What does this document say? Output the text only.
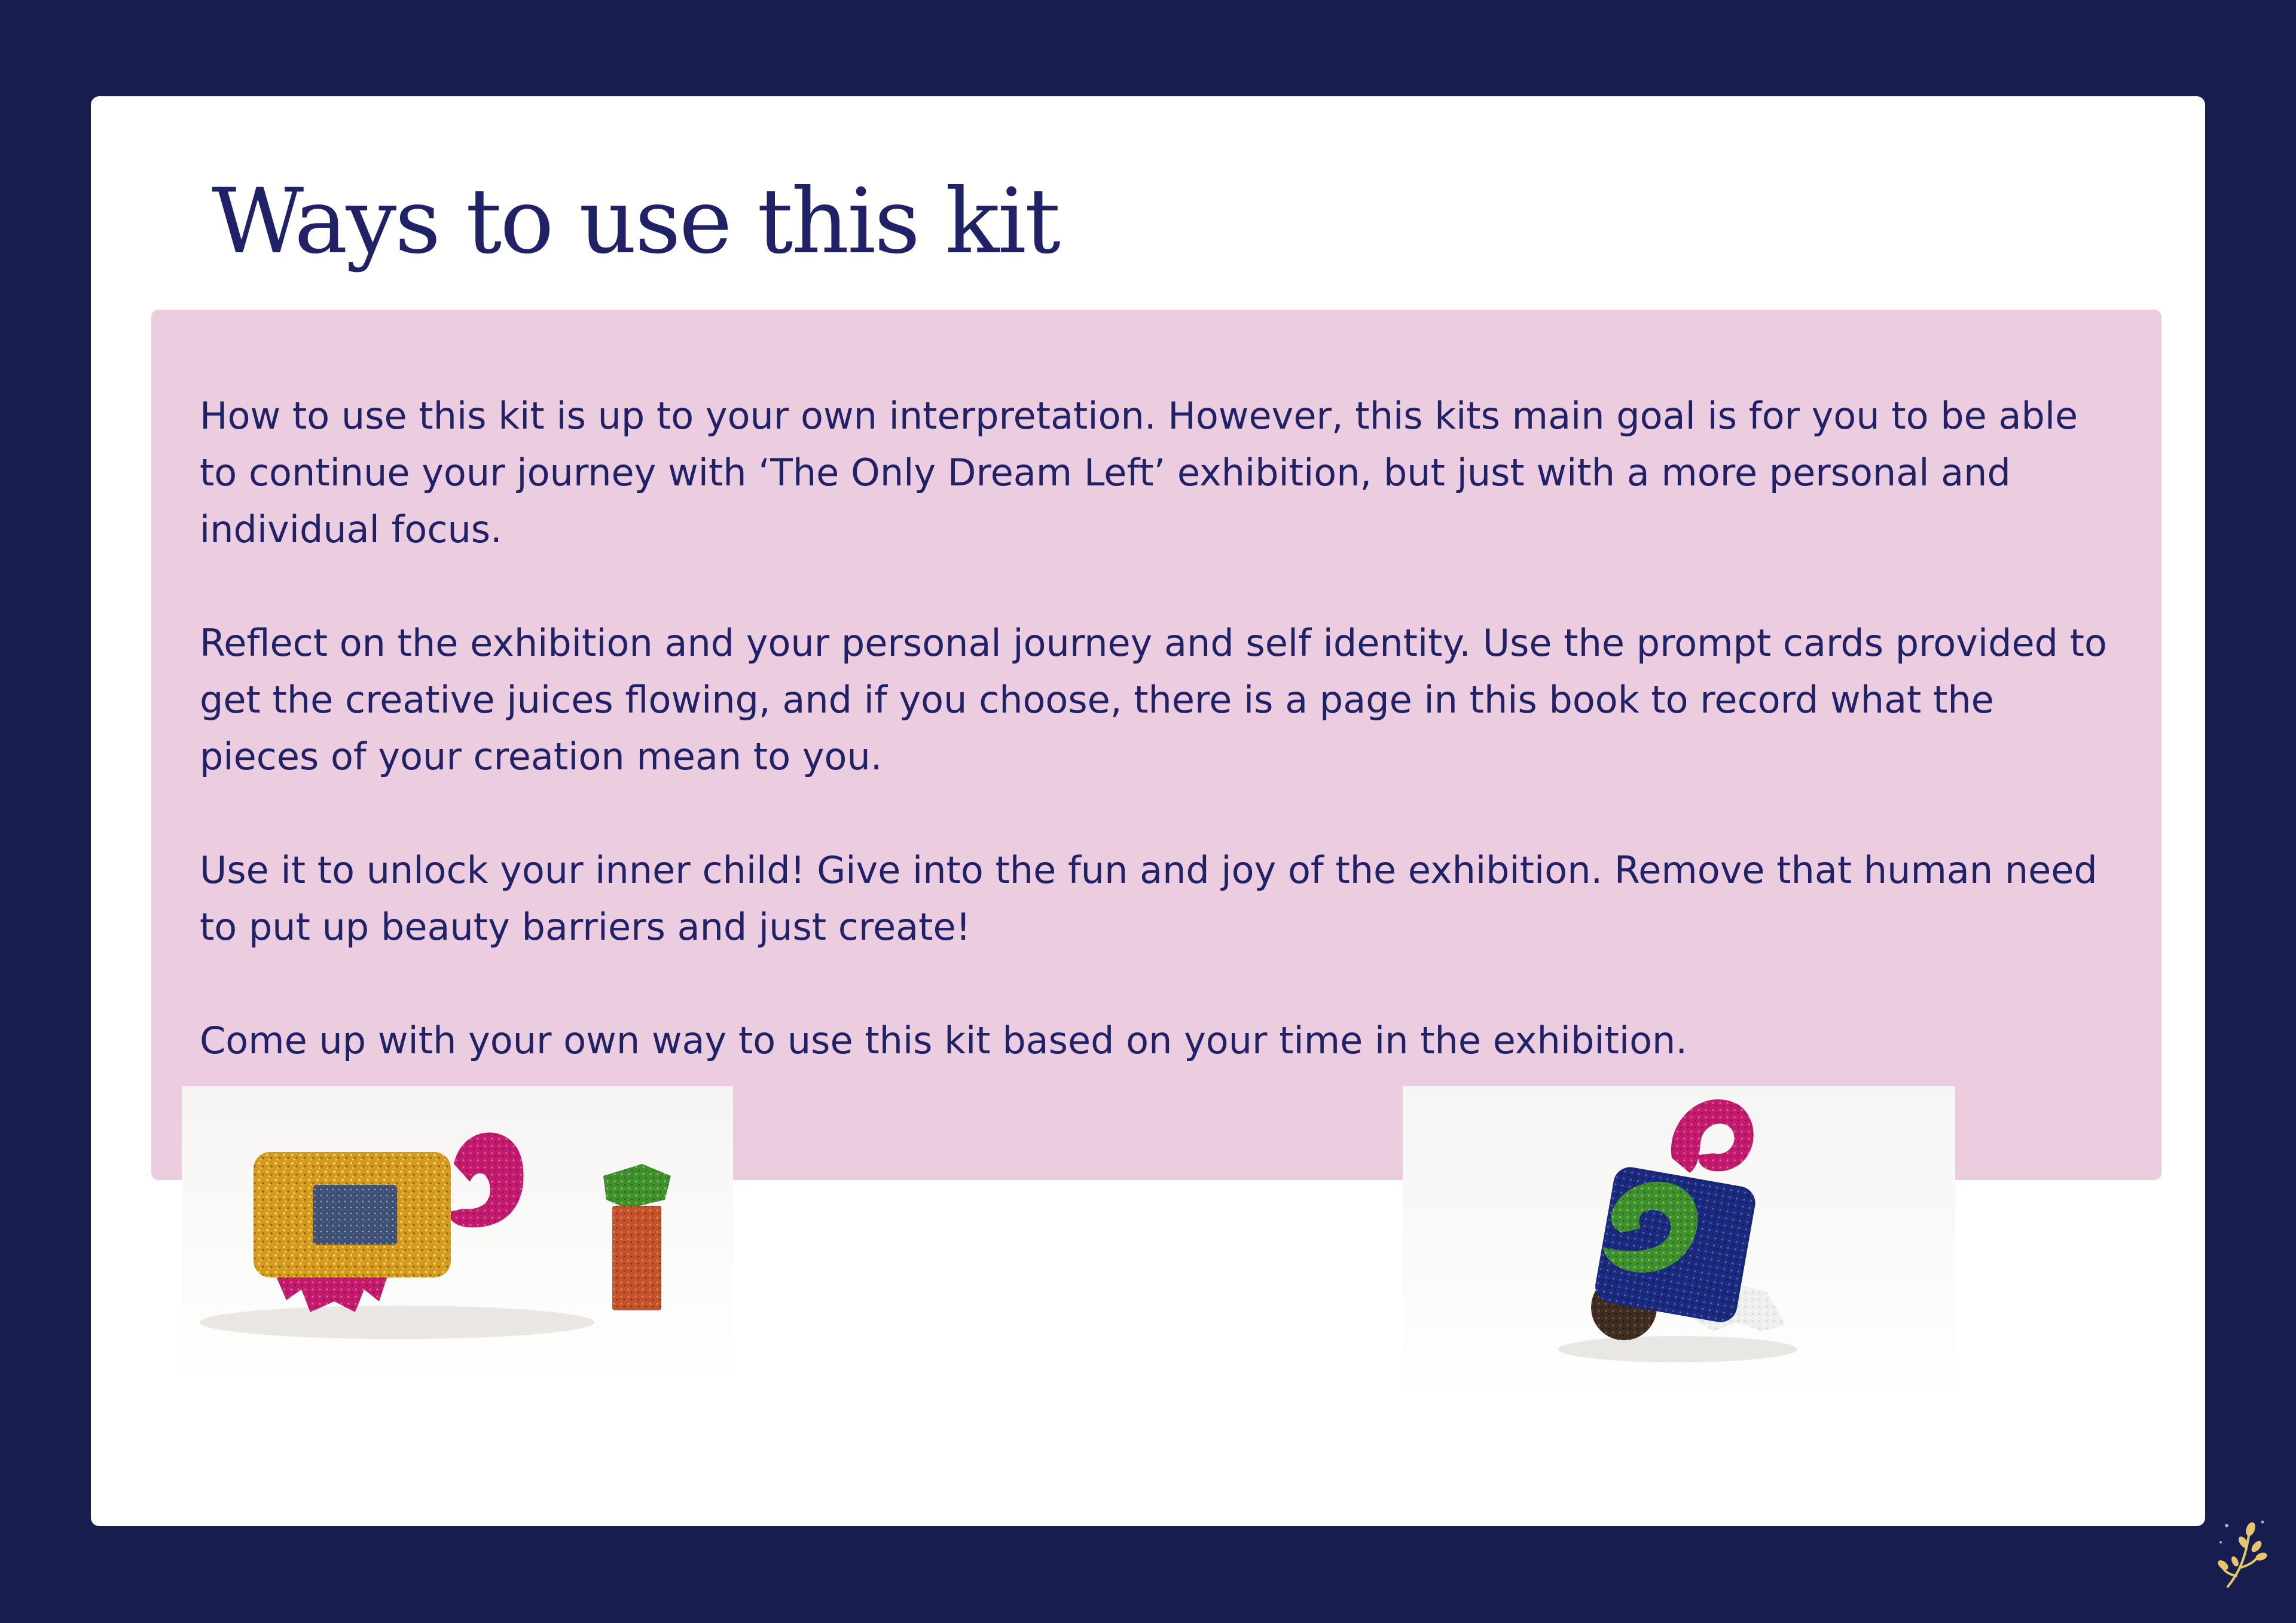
Ways to use this kit

How to use this kit is up to your own interpretation. However, this kits main goal is for you to be able to continue your journey with ‘The Only Dream Left’ exhibition, but just with a more personal and individual focus.

Reflect on the exhibition and your personal journey and self identity. Use the prompt cards provided to get the creative juices flowing, and if you choose, there is a page in this book to record what the pieces of your creation mean to you.

Use it to unlock your inner child! Give into the fun and joy of the exhibition. Remove that human need to put up beauty barriers and just create!

Come up with your own way to use this kit based on your time in the exhibition.
